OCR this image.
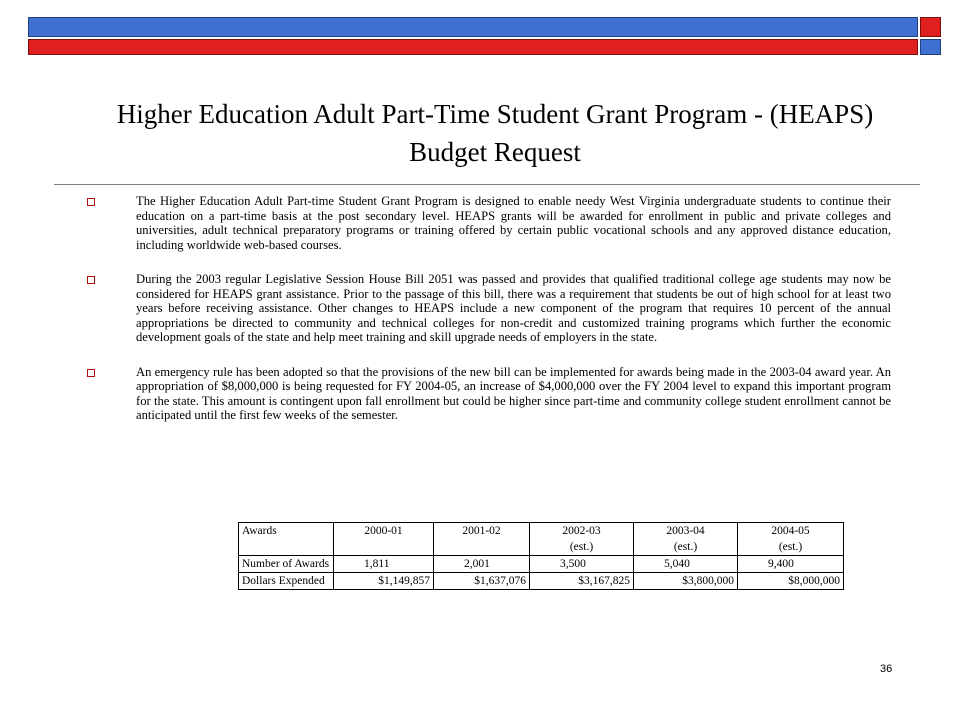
Higher Education Adult Part-Time Student Grant Program - (HEAPS) Budget Request
The Higher Education Adult Part-time Student Grant Program is designed to enable needy West Virginia undergraduate students to continue their education on a part-time basis at the post secondary level. HEAPS grants will be awarded for enrollment in public and private colleges and universities, adult technical preparatory programs or training offered by certain public vocational schools and any approved distance education, including worldwide web-based courses.
During the 2003 regular Legislative Session House Bill 2051 was passed and provides that qualified traditional college age students may now be considered for HEAPS grant assistance. Prior to the passage of this bill, there was a requirement that students be out of high school for at least two years before receiving assistance. Other changes to HEAPS include a new component of the program that requires 10 percent of the annual appropriations be directed to community and technical colleges for non-credit and customized training programs which further the economic development goals of the state and help meet training and skill upgrade needs of employers in the state.
An emergency rule has been adopted so that the provisions of the new bill can be implemented for awards being made in the 2003-04 award year. An appropriation of $8,000,000 is being requested for FY 2004-05, an increase of $4,000,000 over the FY 2004 level to expand this important program for the state. This amount is contingent upon fall enrollment but could be higher since part-time and community college student enrollment cannot be anticipated until the first few weeks of the semester.
Awards	2000-01	2001-02	2002-03	2003-04	2004-05
			(est.)	(est.)	(est.)
Number of Awards	1,811	2,001	3,500	5,040	9,400
Dollars Expended	$1,149,857	$1,637,076	$3,167,825	$3,800,000	$8,000,000
36
